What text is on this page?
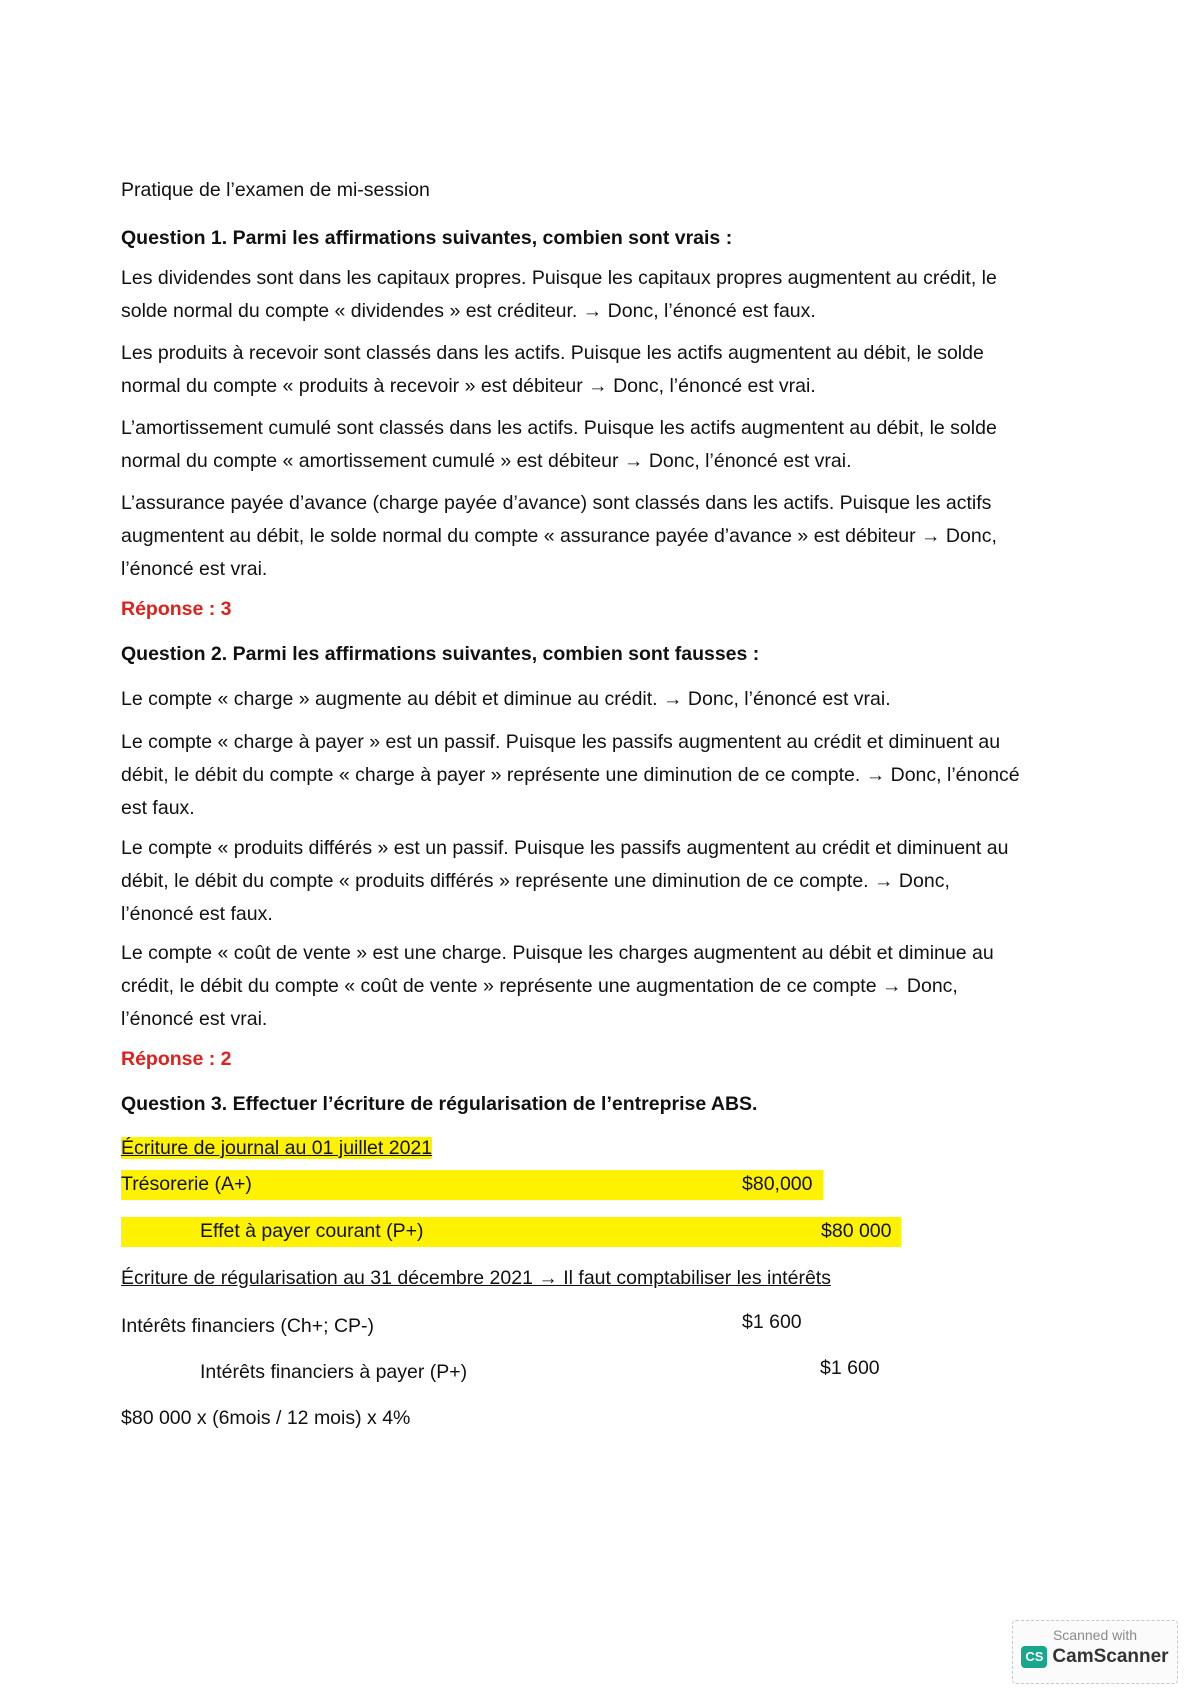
Pratique de l’examen de mi-session
Question 1. Parmi les affirmations suivantes, combien sont vrais :
Les dividendes sont dans les capitaux propres. Puisque les capitaux propres augmentent au crédit, le
solde normal du compte « dividendes » est créditeur. → Donc, l’énoncé est faux.
Les produits à recevoir sont classés dans les actifs. Puisque les actifs augmentent au débit, le solde
normal du compte « produits à recevoir » est débiteur → Donc, l’énoncé est vrai.
L’amortissement cumulé sont classés dans les actifs. Puisque les actifs augmentent au débit, le solde
normal du compte « amortissement cumulé » est débiteur → Donc, l’énoncé est vrai.
L’assurance payée d’avance (charge payée d’avance) sont classés dans les actifs. Puisque les actifs
augmentent au débit, le solde normal du compte « assurance payée d’avance » est débiteur → Donc,
l’énoncé est vrai.
Réponse : 3
Question 2. Parmi les affirmations suivantes, combien sont fausses :
Le compte « charge » augmente au débit et diminue au crédit. → Donc, l’énoncé est vrai.
Le compte « charge à payer » est un passif. Puisque les passifs augmentent au crédit et diminuent au
débit, le débit du compte « charge à payer » représente une diminution de ce compte. → Donc, l’énoncé
est faux.
Le compte « produits différés » est un passif. Puisque les passifs augmentent au crédit et diminuent au
débit, le débit du compte « produits différés » représente une diminution de ce compte. → Donc,
l’énoncé est faux.
Le compte « coût de vente » est une charge. Puisque les charges augmentent au débit et diminue au
crédit, le débit du compte « coût de vente » représente une augmentation de ce compte → Donc,
l’énoncé est vrai.
Réponse : 2
Question 3. Effectuer l’écriture de régularisation de l’entreprise ABS.
Écriture de journal au 01 juillet 2021
Trésorerie (A+)	$80,000
Effet à payer courant (P+)	$80 000
Écriture de régularisation au 31 décembre 2021 → Il faut comptabiliser les intérêts
Intérêts financiers (Ch+; CP-)	$1 600
Intérêts financiers à payer (P+)	$1 600
$80 000 x (6mois / 12 mois) x 4%
Scanned with
CS CamScanner
